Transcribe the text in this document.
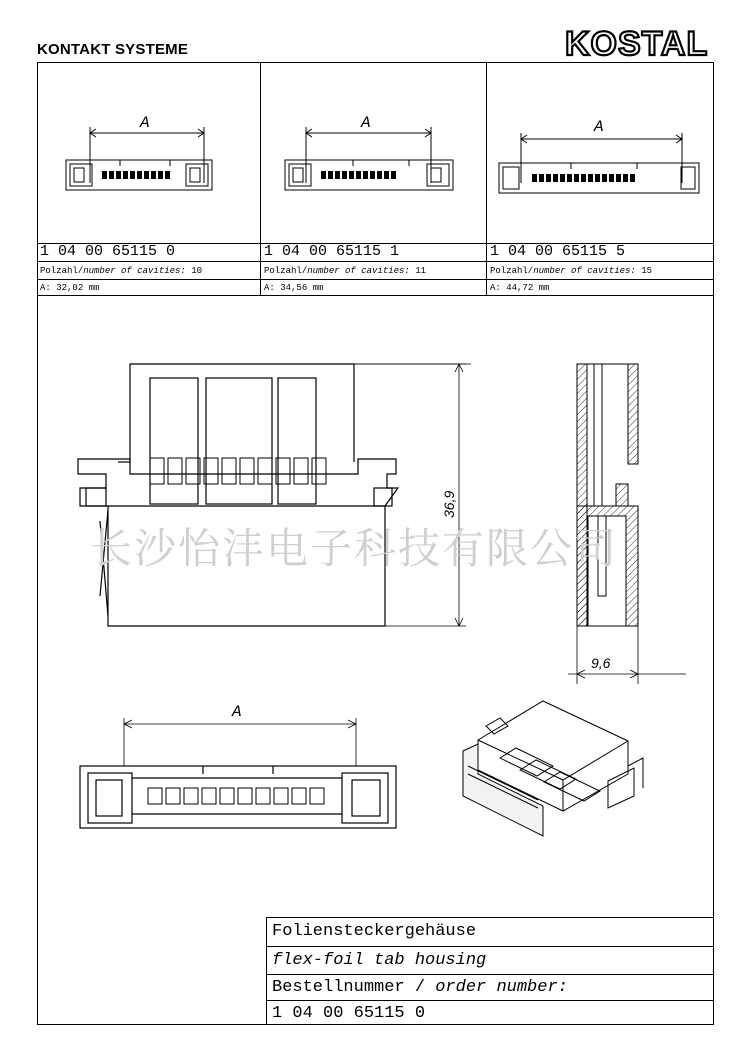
KONTAKT SYSTEME	KOSTAL
A	A	A
1 04 00 65115 0	1 04 00 65115 1	1 04 00 65115 5
Polzahl/number of cavities: 10	Polzahl/number of cavities: 11	Polzahl/number of cavities: 15
A: 32,02 mm	A: 34,56 mm	A: 44,72 mm
36,9
9,6
A
长沙怡沣电子科技有限公司
Foliensteckergehäuse
flex-foil tab housing
Bestellnummer / order number:
1 04 00 65115 0
